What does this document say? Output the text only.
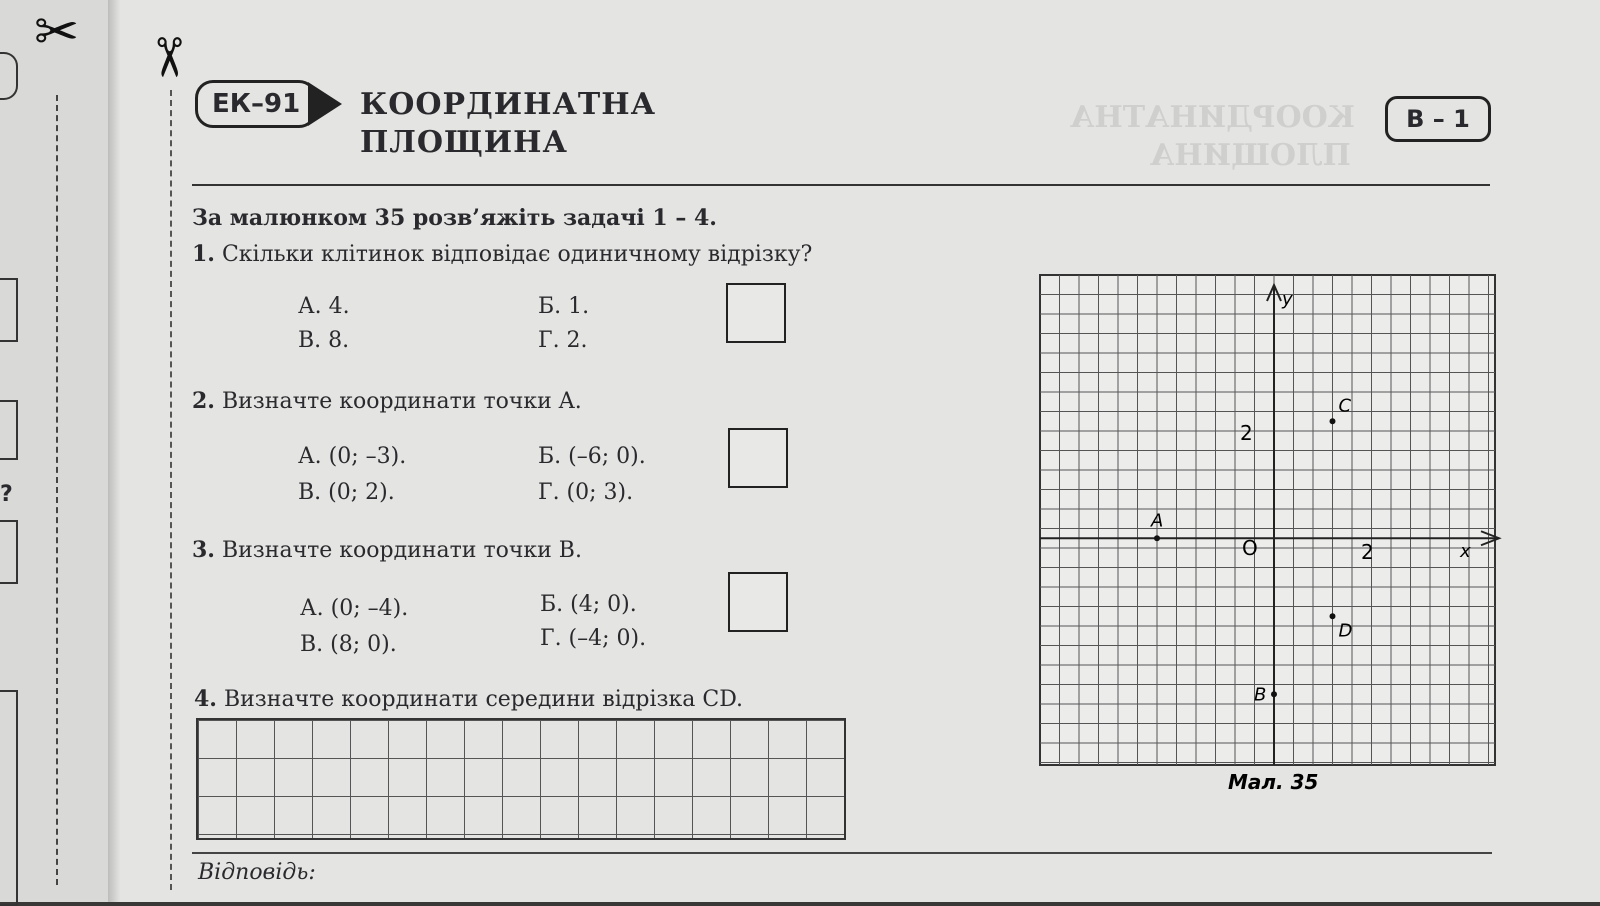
?
✂
КООРДИНАТНА
ПЛОЩИНА
✂
ЕК–91	КООРДИНАТНА
ПЛОЩИНА
В – 1
За малюнком 35 розв’яжіть задачі 1 – 4.
1. Скільки клітинок відповідає одиничному відрізку?
А. 4.	Б. 1.
В. 8.	Г. 2.
2. Визначте координати точки A.
А. (0; –3).	Б. (–6; 0).
В. (0; 2).	Г. (0; 3).
3. Визначте координати точки B.
А. (0; –4).	Б. (4; 0).
В. (8; 0).	Г. (–4; 0).
4. Визначте координати середини відрізка CD.
Відповідь:
A
B
C
D
y
x
O	2
2
Мал. 35
